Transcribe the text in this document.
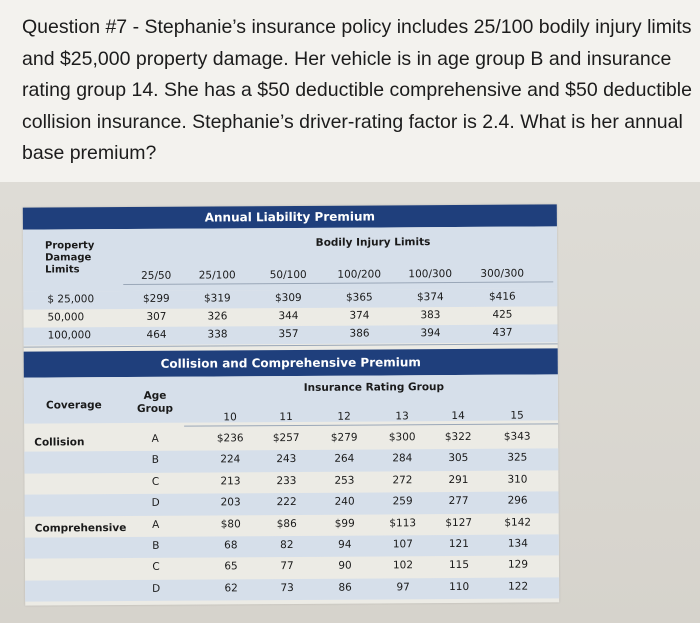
Question #7 - Stephanie’s insurance policy includes 25/100 bodily injury limits and $25,000 property damage. Her vehicle is in age group B and insurance rating group 14. She has a $50 deductible comprehensive and $50 deductible collision insurance. Stephanie’s driver-rating factor is 2.4. What is her annual base premium?

Annual Liability Premium
Collision and Comprehensive Premium
Bodily Injury Limits
Property
Damage
Limits	25/50	25/100	50/100	100/200	100/300	300/300
$ 25,000	$299	$319	$309	$365	$374	$416
50,000	307	326	344	374	383	425
100,000	464	338	357	386	394	437
Insurance Rating Group
Coverage
Age
Group
10	11	12	13	14	15
Collision	A	$236	$257	$279	$300	$322	$343
B	224	243	264	284	305	325
C	213	233	253	272	291	310
D	203	222	240	259	277	296
Comprehensive	A	$80	$86	$99	$113	$127	$142
B	68	82	94	107	121	134
C	65	77	90	102	115	129
D	62	73	86	97	110	122
